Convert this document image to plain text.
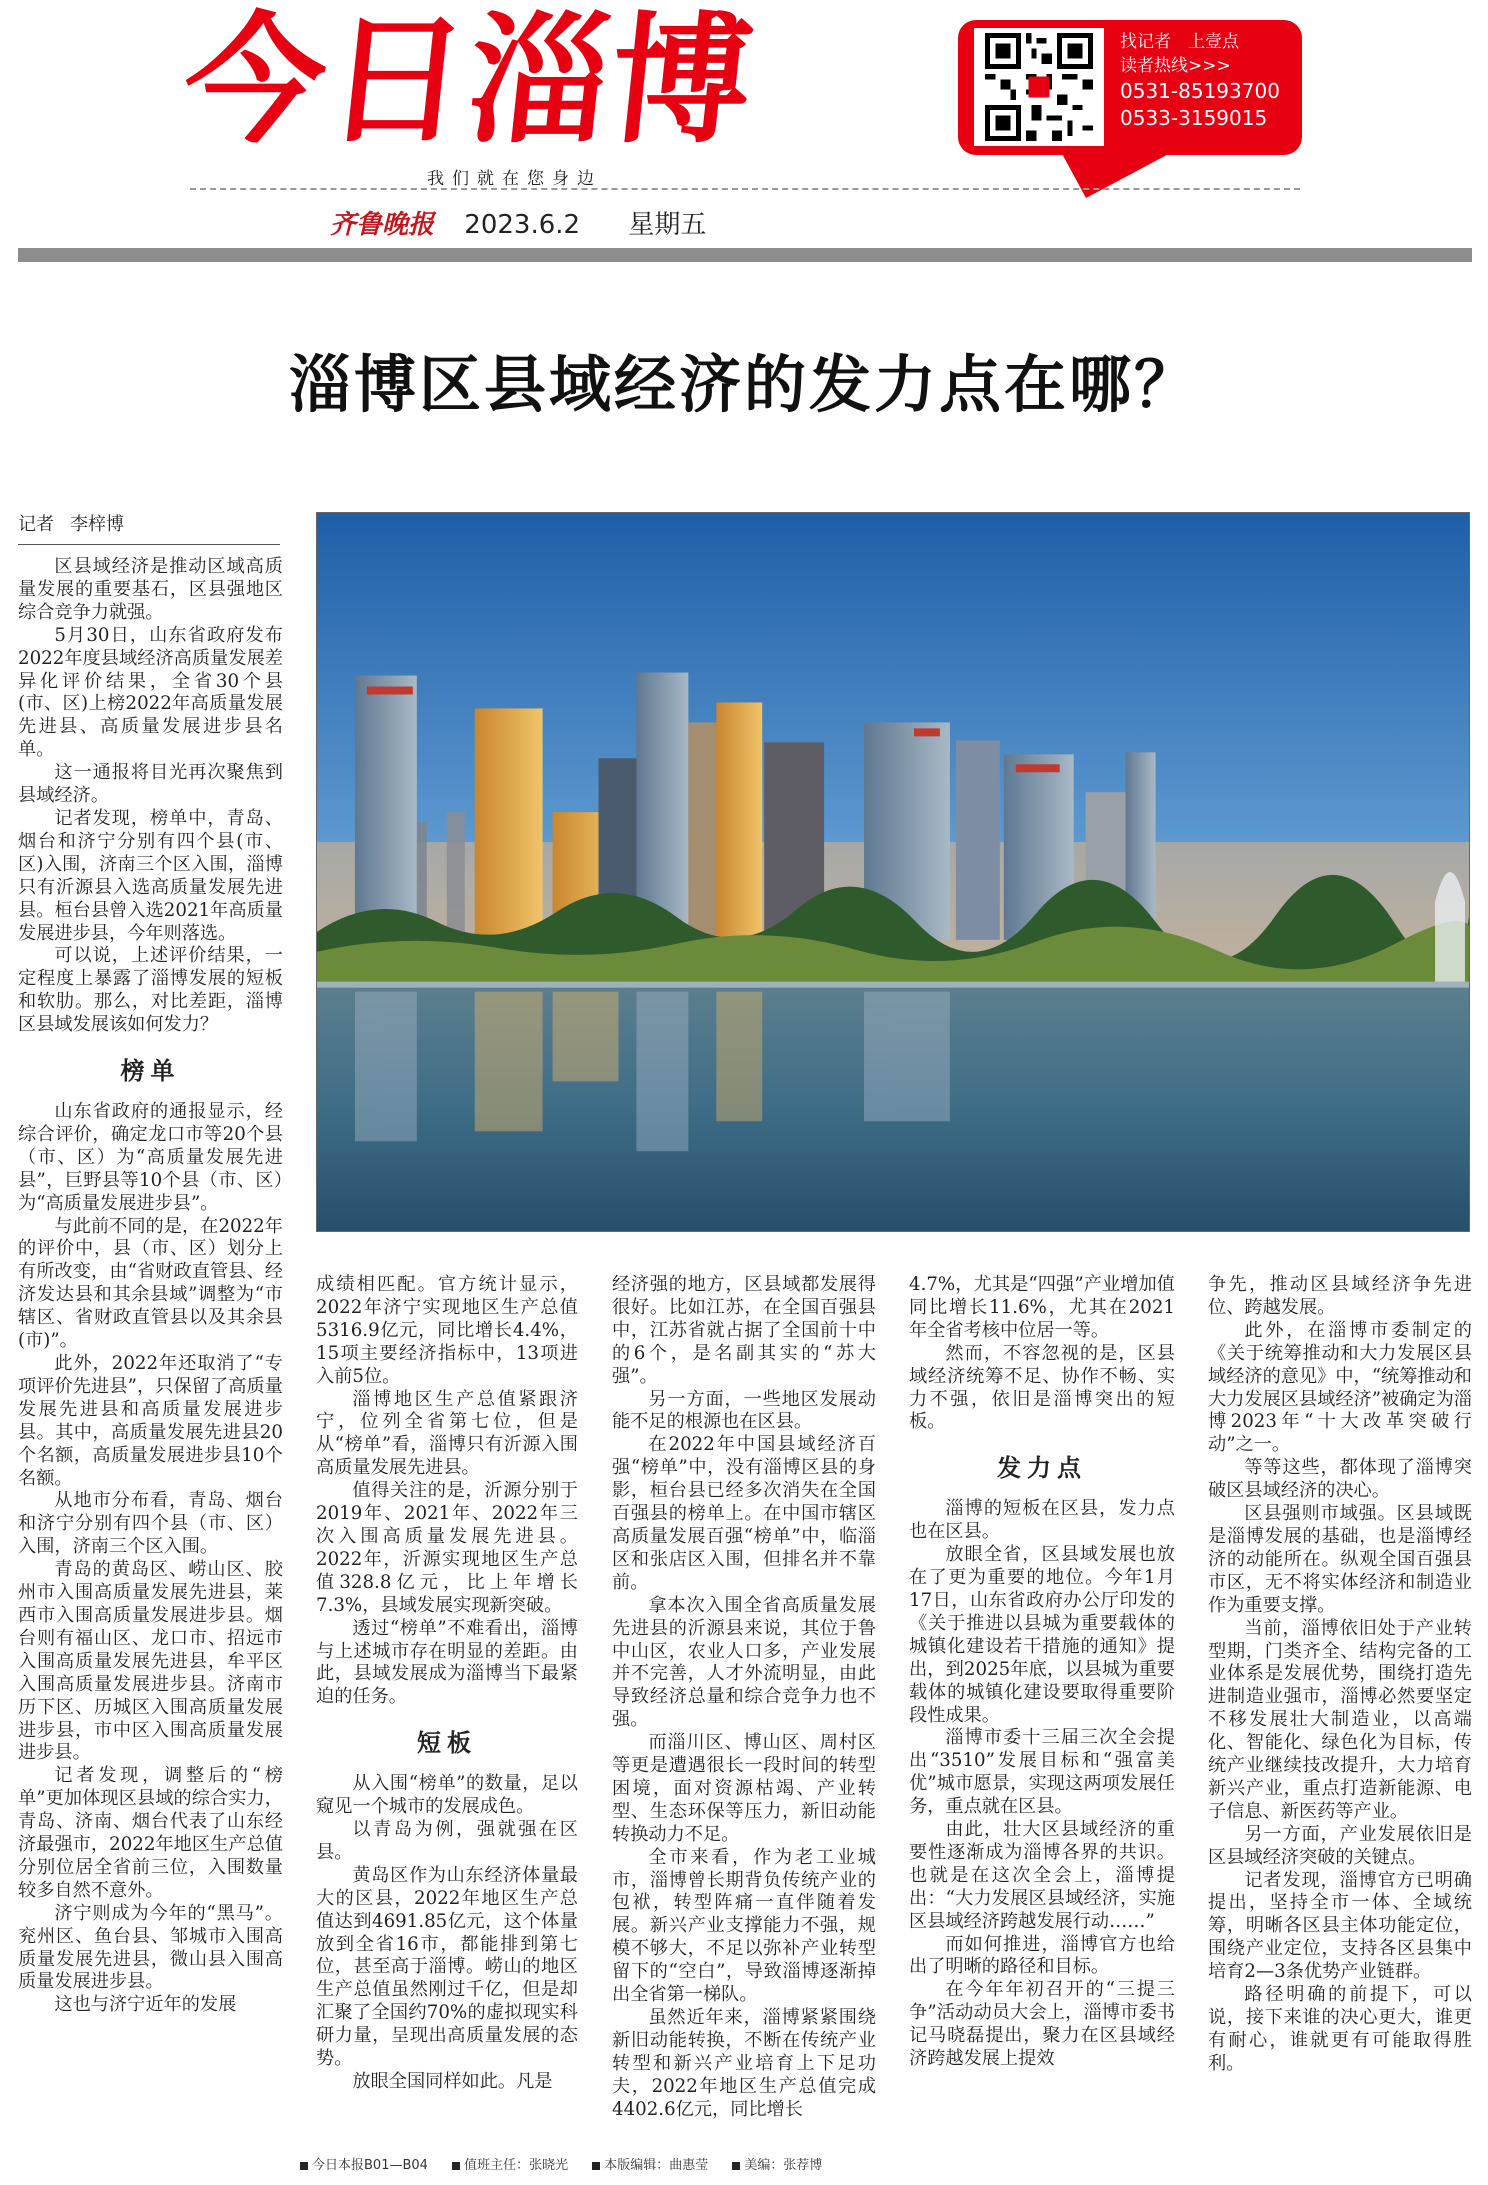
今日淄博	找记者　上壹点
读者热线>>>
0531-85193700
0533-3159015
我们就在您身边
齐鲁晚报 2023.6.2 星期五
淄博区县域经济的发力点在哪？
记者 李梓博

区县域经济是推动区域高质量发展的重要基石，区县强地区综合竞争力就强。

5月30日，山东省政府发布2022年度县域经济高质量发展差异化评价结果，全省30个县(市、区)上榜2022年高质量发展先进县、高质量发展进步县名单。

这一通报将目光再次聚焦到县域经济。

记者发现，榜单中，青岛、烟台和济宁分别有四个县(市、区)入围，济南三个区入围，淄博只有沂源县入选高质量发展先进县。桓台县曾入选2021年高质量发展进步县，今年则落选。

可以说，上述评价结果，一定程度上暴露了淄博发展的短板和软肋。那么，对比差距，淄博区县域发展该如何发力？

榜单

山东省政府的通报显示，经综合评价，确定龙口市等20个县（市、区）为“高质量发展先进县”，巨野县等10个县（市、区）为“高质量发展进步县”。

与此前不同的是，在2022年的评价中，县（市、区）划分上有所改变，由“省财政直管县、经济发达县和其余县域”调整为“市辖区、省财政直管县以及其余县(市)”。

此外，2022年还取消了“专项评价先进县”，只保留了高质量发展先进县和高质量发展进步县。其中，高质量发展先进县20个名额，高质量发展进步县10个名额。

从地市分布看，青岛、烟台和济宁分别有四个县（市、区）入围，济南三个区入围。

青岛的黄岛区、崂山区、胶州市入围高质量发展先进县，莱西市入围高质量发展进步县。烟台则有福山区、龙口市、招远市入围高质量发展先进县，牟平区入围高质量发展进步县。济南市历下区、历城区入围高质量发展进步县，市中区入围高质量发展进步县。

记者发现，调整后的“榜单”更加体现区县域的综合实力，青岛、济南、烟台代表了山东经济最强市，2022年地区生产总值分别位居全省前三位，入围数量较多自然不意外。

济宁则成为今年的“黑马”。兖州区、鱼台县、邹城市入围高质量发展先进县，微山县入围高质量发展进步县。

这也与济宁近年的发展

成绩相匹配。官方统计显示，2022年济宁实现地区生产总值5316.9亿元，同比增长4.4%，15项主要经济指标中，13项进入前5位。

淄博地区生产总值紧跟济宁，位列全省第七位，但是从“榜单”看，淄博只有沂源入围高质量发展先进县。

值得关注的是，沂源分别于2019年、2021年、2022年三次入围高质量发展先进县。2022年，沂源实现地区生产总值328.8亿元，比上年增长7.3%，县域发展实现新突破。

透过“榜单”不难看出，淄博与上述城市存在明显的差距。由此，县域发展成为淄博当下最紧迫的任务。

短板

从入围“榜单”的数量，足以窥见一个城市的发展成色。

以青岛为例，强就强在区县。

黄岛区作为山东经济体量最大的区县，2022年地区生产总值达到4691.85亿元，这个体量放到全省16市，都能排到第七位，甚至高于淄博。崂山的地区生产总值虽然刚过千亿，但是却汇聚了全国约70%的虚拟现实科研力量，呈现出高质量发展的态势。

放眼全国同样如此。凡是

经济强的地方，区县域都发展得很好。比如江苏，在全国百强县中，江苏省就占据了全国前十中的6个，是名副其实的“苏大强”。

另一方面，一些地区发展动能不足的根源也在区县。

在2022年中国县域经济百强“榜单”中，没有淄博区县的身影，桓台县已经多次消失在全国百强县的榜单上。在中国市辖区高质量发展百强“榜单”中，临淄区和张店区入围，但排名并不靠前。

拿本次入围全省高质量发展先进县的沂源县来说，其位于鲁中山区，农业人口多，产业发展并不完善，人才外流明显，由此导致经济总量和综合竞争力也不强。

而淄川区、博山区、周村区等更是遭遇很长一段时间的转型困境，面对资源枯竭、产业转型、生态环保等压力，新旧动能转换动力不足。

全市来看，作为老工业城市，淄博曾长期背负传统产业的包袱，转型阵痛一直伴随着发展。新兴产业支撑能力不强，规模不够大，不足以弥补产业转型留下的“空白”，导致淄博逐渐掉出全省第一梯队。

虽然近年来，淄博紧紧围绕新旧动能转换，不断在传统产业转型和新兴产业培育上下足功夫，2022年地区生产总值完成4402.6亿元，同比增长

4.7%，尤其是“四强”产业增加值同比增长11.6%，尤其在2021年全省考核中位居一等。

然而，不容忽视的是，区县域经济统筹不足、协作不畅、实力不强，依旧是淄博突出的短板。

发力点

淄博的短板在区县，发力点也在区县。

放眼全省，区县域发展也放在了更为重要的地位。今年1月17日，山东省政府办公厅印发的《关于推进以县城为重要载体的城镇化建设若干措施的通知》提出，到2025年底，以县城为重要载体的城镇化建设要取得重要阶段性成果。

淄博市委十三届三次全会提出“3510”发展目标和“强富美优”城市愿景，实现这两项发展任务，重点就在区县。

由此，壮大区县域经济的重要性逐渐成为淄博各界的共识。也就是在这次全会上，淄博提出：“大力发展区县域经济，实施区县域经济跨越发展行动……”

而如何推进，淄博官方也给出了明晰的路径和目标。

在今年年初召开的“三提三争”活动动员大会上，淄博市委书记马晓磊提出，聚力在区县域经济跨越发展上提效

争先，推动区县域经济争先进位、跨越发展。

此外，在淄博市委制定的《关于统筹推动和大力发展区县域经济的意见》中，“统筹推动和大力发展区县域经济”被确定为淄博2023年“十大改革突破行动”之一。

等等这些，都体现了淄博突破区县域经济的决心。

区县强则市域强。区县域既是淄博发展的基础，也是淄博经济的动能所在。纵观全国百强县市区，无不将实体经济和制造业作为重要支撑。

当前，淄博依旧处于产业转型期，门类齐全、结构完备的工业体系是发展优势，围绕打造先进制造业强市，淄博必然要坚定不移发展壮大制造业，以高端化、智能化、绿色化为目标，传统产业继续技改提升，大力培育新兴产业，重点打造新能源、电子信息、新医药等产业。

另一方面，产业发展依旧是区县域经济突破的关键点。

记者发现，淄博官方已明确提出，坚持全市一体、全域统筹，明晰各区县主体功能定位，围绕产业定位，支持各区县集中培育2—3条优势产业链群。

路径明确的前提下，可以说，接下来谁的决心更大，谁更有耐心，谁就更有可能取得胜利。

今日本报B01—B04	值班主任：张晓光	本版编辑：曲惠莹	美编：张荐博
